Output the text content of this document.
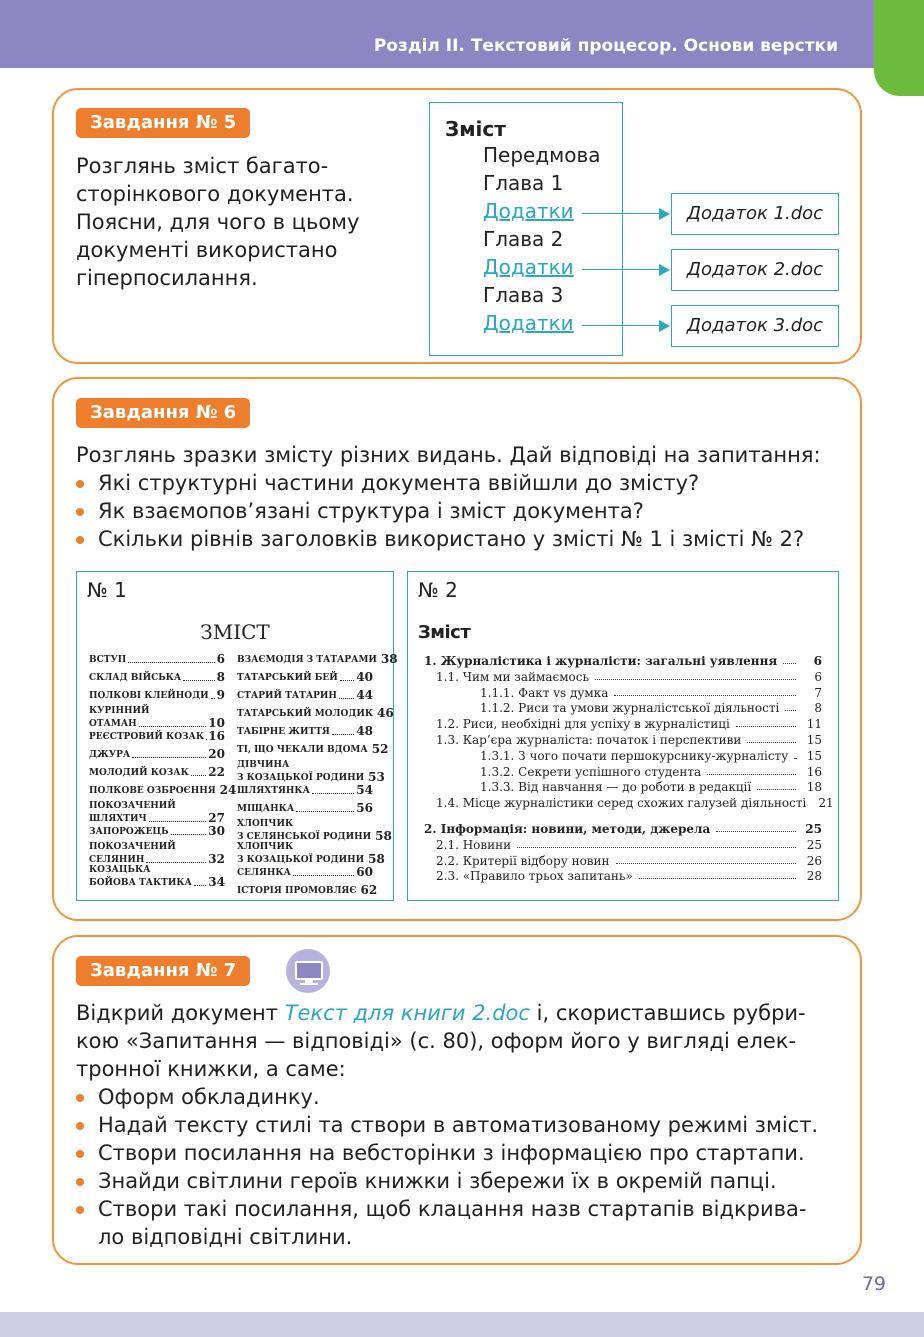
Розділ II. Текстовий процесор. Основи верстки
Завдання № 5
Розглянь зміст багато-
сторінкового документа.
Поясни, для чого в цьому
документі використано
гіперпосилання.
Зміст
Передмова
Глава 1
Додатки
Глава 2
Додатки
Глава 3
Додатки
Додаток 1.doc
Додаток 2.doc
Додаток 3.doc
Завдання № 6
Розглянь зразки змісту різних видань. Дай відповіді на запитання:
Які структурні частини документа ввійшли до змісту?
Як взаємопов’язані структура і зміст документа?
Скільки рівнів заголовків використано у змісті № 1 і змісті № 2?
№ 1
ЗМІСТ
ВСТУП	6
СКЛАД ВІЙСЬКА	8
ПОЛКОВІ КЛЕЙНОДИ 9
КУРІННИЙ
ОТАМАН	10
РЕЄСТРОВИЙ КОЗАК 16
ДЖУРА	20
МОЛОДИЙ КОЗАК 22
ПОЛКОВЕ ОЗБРОЄННЯ 24
ПОКОЗАЧЕНИЙ
ШЛЯХТИЧ	27
ЗАПОРОЖЕЦЬ	30
ПОКОЗАЧЕНИЙ
СЕЛЯНИН	32
КОЗАЦЬКА
БОЙОВА ТАКТИКА 34
ВЗАЄМОДІЯ З ТАТАРАМИ 38
ТАТАРСЬКИЙ БЕЙ 40
СТАРИЙ ТАТАРИН 44
ТАТАРСЬКИЙ МОЛОДИК 46
ТАБІРНЕ ЖИТТЯ 48
ТІ, ЩО ЧЕКАЛИ ВДОМА 52
ДІВЧИНА
З КОЗАЦЬКОЇ РОДИНИ 53
ШЛЯХТЯНКА	54
МІЩАНКА	56
ХЛОПЧИК
З СЕЛЯНСЬКОЇ РОДИНИ 58
ХЛОПЧИК
З КОЗАЦЬКОЇ РОДИНИ 58
СЕЛЯНКА	60
ІСТОРІЯ ПРОМОВЛЯЄ 62
№ 2
Зміст
1. Журналістика і журналісти: загальні уявлення	6
1.1. Чим ми займаємось	6
1.1.1. Факт vs думка	7
1.1.2. Риси та умови журналістської діяльності	8
1.2. Риси, необхідні для успіху в журналістиці	11
1.3. Кар’єра журналіста: початок і перспективи	15
1.3.1. З чого почати першокурснику-журналісту	15
1.3.2. Секрети успішного студента	16
1.3.3. Від навчання — до роботи в редакції	18
1.4. Місце журналістики серед схожих галузей діяльності 21
2. Інформація: новини, методи, джерела	25
2.1. Новини	25
2.2. Критерії відбору новин	26
2.3. «Правило трьох запитань»	28
Завдання № 7
Відкрий документ Текст для книги 2.doc і, скориставшись рубри-
кою «Запитання — відповіді» (с. 80), оформ його у вигляді елек-
тронної книжки, а саме:
Оформ обкладинку.
Надай тексту стилі та створи в автоматизованому режимі зміст.
Створи посилання на вебсторінки з інформацією про стартапи.
Знайди світлини героїв книжки і збережи їх в окремій папці.
Створи такі посилання, щоб клацання назв стартапів відкрива-
ло відповідні світлини.
79
